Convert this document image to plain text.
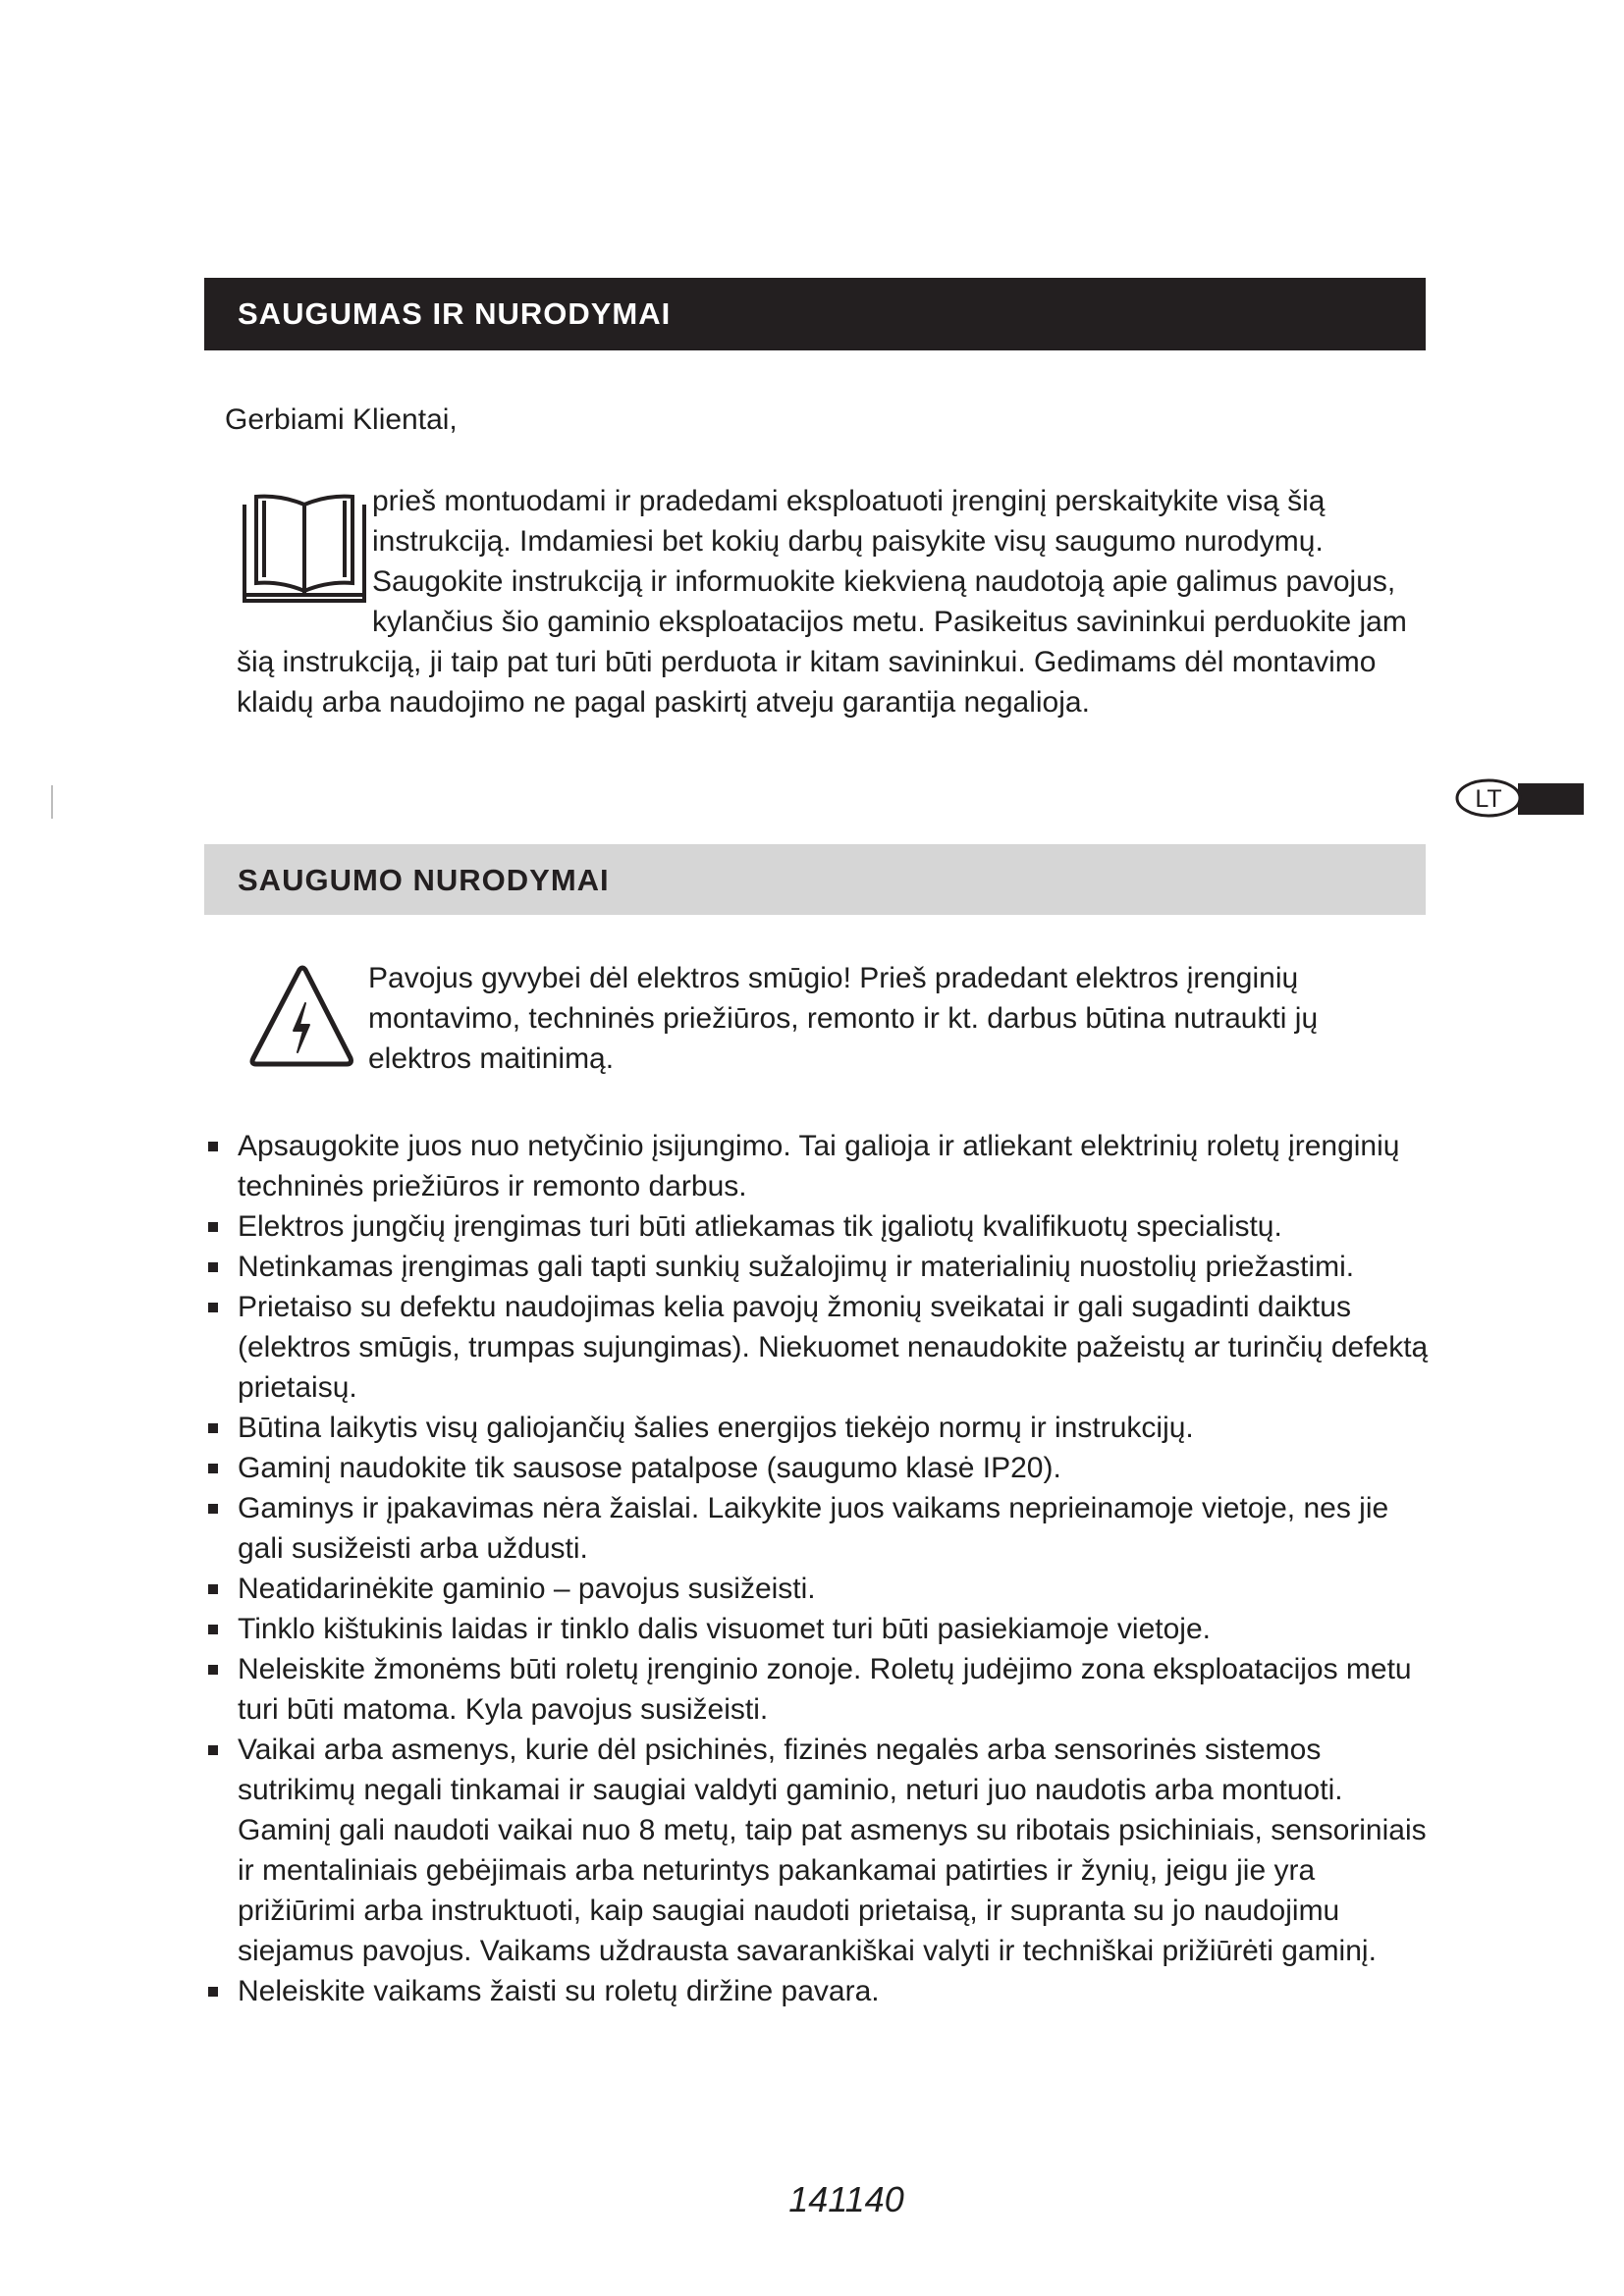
SAUGUMAS IR NURODYMAI
Gerbiami Klientai,
prieš montuodami ir pradedami eksploatuoti įrenginį perskaitykite visą šią instrukciją. Imdamiesi bet kokių darbų paisykite visų saugumo nurodymų. Saugokite instrukciją ir informuokite kiekvieną naudotoją apie galimus pavojus, kylančius šio gaminio eksploatacijos metu. Pasikeitus savininkui perduokite jam šią instrukciją, ji taip pat turi būti perduota ir kitam savininkui. Gedimams dėl montavimo klaidų arba naudojimo ne pagal paskirtį atveju garantija negalioja.
LT
SAUGUMO NURODYMAI
Pavojus gyvybei dėl elektros smūgio! Prieš pradedant elektros įrenginių montavimo, techninės priežiūros, remonto ir kt. darbus būtina nutraukti jų elektros maitinimą.
Apsaugokite juos nuo netyčinio įsijungimo. Tai galioja ir atliekant elektrinių roletų įrenginių techninės priežiūros ir remonto darbus.
Elektros jungčių įrengimas turi būti atliekamas tik įgaliotų kvalifikuotų specialistų.
Netinkamas įrengimas gali tapti sunkių sužalojimų ir materialinių nuostolių priežastimi.
Prietaiso su defektu naudojimas kelia pavojų žmonių sveikatai ir gali sugadinti daiktus (elektros smūgis, trumpas sujungimas). Niekuomet nenaudokite pažeistų ar turinčių defektą prietaisų.
Būtina laikytis visų galiojančių šalies energijos tiekėjo normų ir instrukcijų.
Gaminį naudokite tik sausose patalpose (saugumo klasė IP20).
Gaminys ir įpakavimas nėra žaislai. Laikykite juos vaikams neprieinamoje vietoje, nes jie gali susižeisti arba uždusti.
Neatidarinėkite gaminio – pavojus susižeisti.
Tinklo kištukinis laidas ir tinklo dalis visuomet turi būti pasiekiamoje vietoje.
Neleiskite žmonėms būti roletų įrenginio zonoje. Roletų judėjimo zona eksploatacijos metu turi būti matoma. Kyla pavojus susižeisti.
Vaikai arba asmenys, kurie dėl psichinės, fizinės negalės arba sensorinės sistemos sutrikimų negali tinkamai ir saugiai valdyti gaminio, neturi juo naudotis arba montuoti. Gaminį gali naudoti vaikai nuo 8 metų, taip pat asmenys su ribotais psichiniais, sensoriniais ir mentaliniais gebėjimais arba neturintys pakankamai patirties ir žynių, jeigu jie yra prižiūrimi arba instruktuoti, kaip saugiai naudoti prietaisą, ir supranta su jo naudojimu siejamus pavojus. Vaikams uždrausta savarankiškai valyti ir techniškai prižiūrėti gaminį.
Neleiskite vaikams žaisti su roletų diržine pavara.
141140
